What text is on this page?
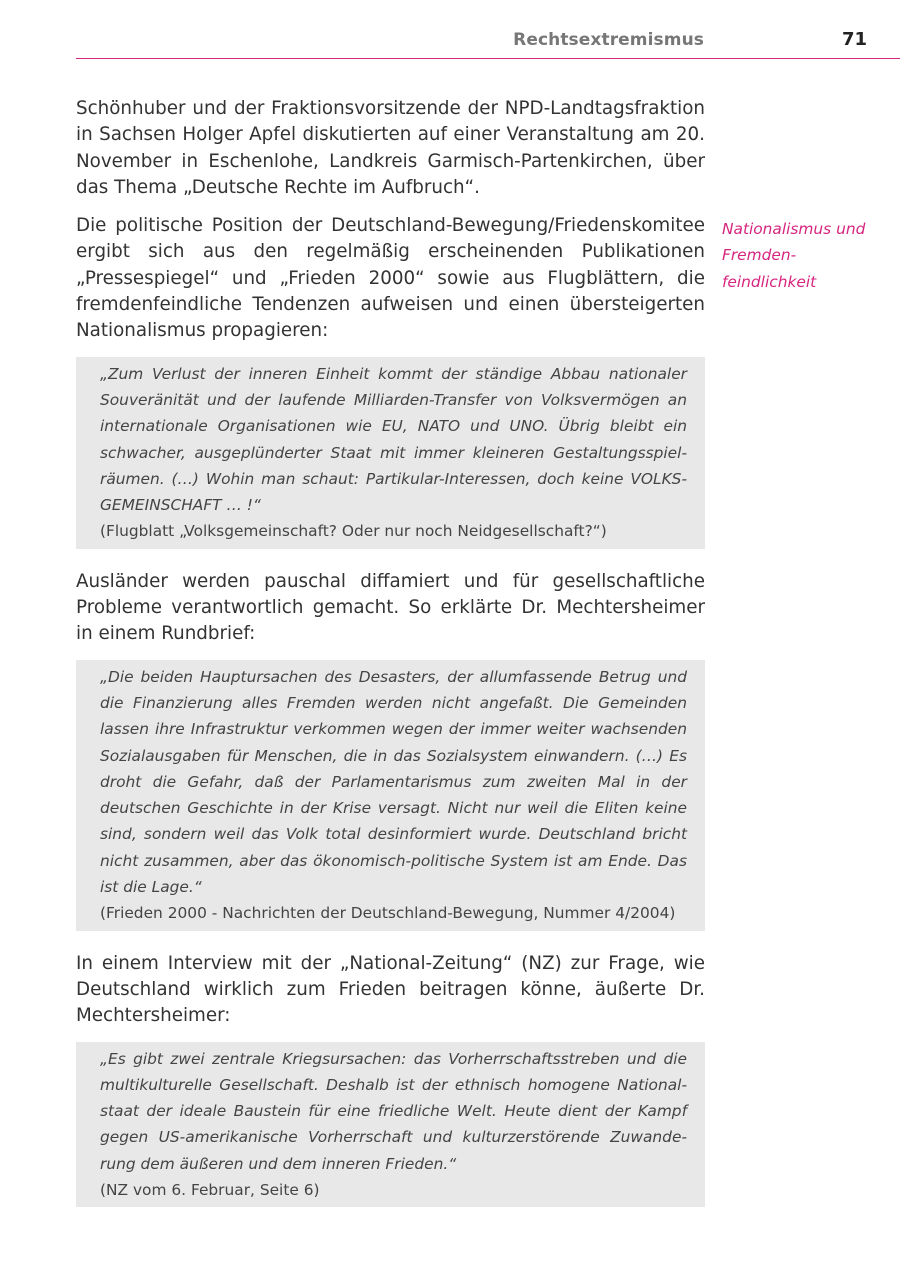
Rechtsextremismus	71
Nationalismus und Fremdenfeindlichkeit

Schönhuber und der Fraktionsvorsitzende der NPD-Landtagsfraktion in Sachsen Holger Apfel diskutierten auf einer Veranstaltung am 20. November in Eschenlohe, Landkreis Garmisch-Partenkirchen, über das Thema „Deutsche Rechte im Aufbruch“.

Die politische Position der Deutschland-Bewegung/Friedenskomitee ergibt sich aus den regelmäßig erscheinenden Publikationen „Pressespiegel“ und „Frieden 2000“ sowie aus Flugblättern, die fremdenfeindliche Tendenzen aufweisen und einen übersteigerten Nationalismus propagieren:

„Zum Verlust der inneren Einheit kommt der ständige Abbau nationaler Souveränität und der laufende Milliarden-Transfer von Volksvermögen an internationale Organisationen wie EU, NATO und UNO. Übrig bleibt ein schwacher, ausgeplünderter Staat mit immer kleineren Gestaltungsspielräumen. (…) Wohin man schaut: Partikular-Interessen, doch keine VOLKS-GEMEINSCHAFT … !“

(Flugblatt „Volksgemeinschaft? Oder nur noch Neidgesellschaft?“)

Ausländer werden pauschal diffamiert und für gesellschaftliche Probleme verantwortlich gemacht. So erklärte Dr. Mechtersheimer in einem Rundbrief:

„Die beiden Hauptursachen des Desasters, der allumfassende Betrug und die Finanzierung alles Fremden werden nicht angefaßt. Die Gemeinden lassen ihre Infrastruktur verkommen wegen der immer weiter wachsenden Sozialausgaben für Menschen, die in das Sozialsystem einwandern. (…) Es droht die Gefahr, daß der Parlamentarismus zum zweiten Mal in der deutschen Geschichte in der Krise versagt. Nicht nur weil die Eliten keine sind, sondern weil das Volk total desinformiert wurde. Deutschland bricht nicht zusammen, aber das ökonomisch-politische System ist am Ende. Das ist die Lage.“

(Frieden 2000 - Nachrichten der Deutschland-Bewegung, Nummer 4/2004)

In einem Interview mit der „National-Zeitung“ (NZ) zur Frage, wie Deutschland wirklich zum Frieden beitragen könne, äußerte Dr. Mechtersheimer:

„Es gibt zwei zentrale Kriegsursachen: das Vorherrschaftsstreben und die multikulturelle Gesellschaft. Deshalb ist der ethnisch homogene Nationalstaat der ideale Baustein für eine friedliche Welt. Heute dient der Kampf gegen US-amerikanische Vorherrschaft und kulturzerstörende Zuwanderung dem äußeren und dem inneren Frieden.“

(NZ vom 6. Februar, Seite 6)
